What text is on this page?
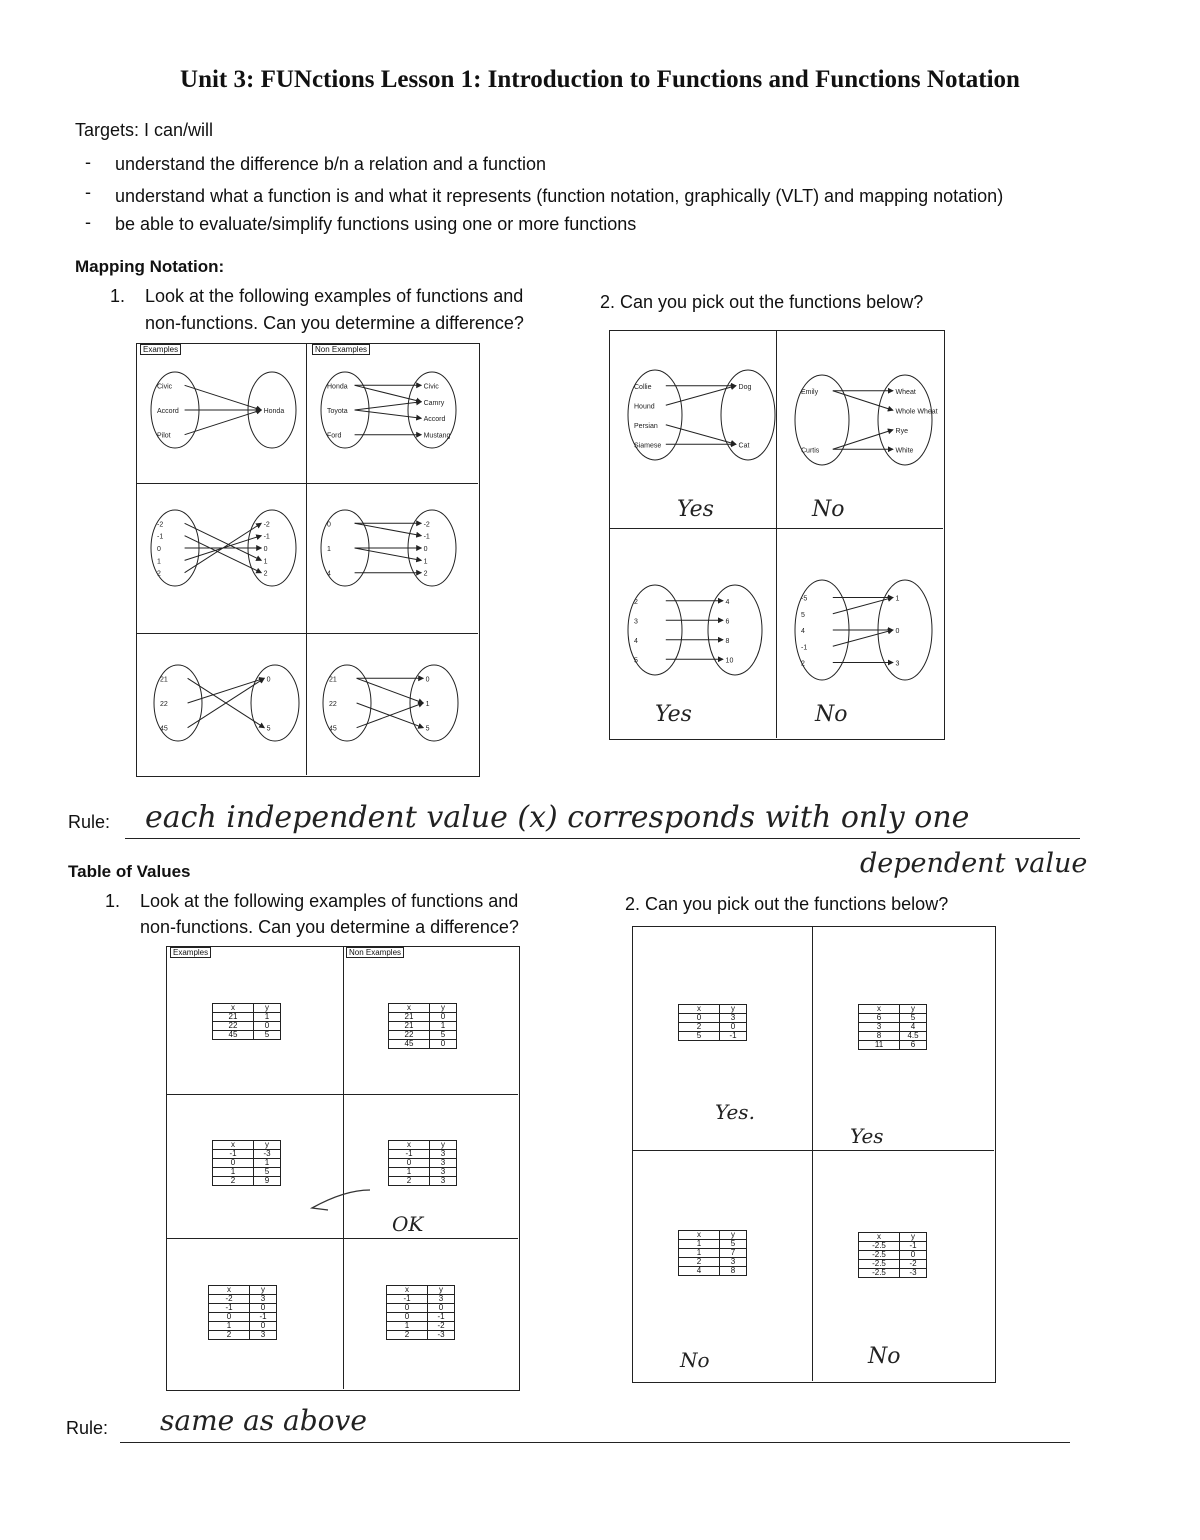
Unit 3: FUNctions Lesson 1: Introduction to Functions and Functions Notation
Targets: I can/will
- understand the difference b/n a relation and a function
- understand what a function is and what it represents (function notation, graphically (VLT) and mapping notation)
- be able to evaluate/simplify functions using one or more functions
Mapping Notation:
1. Look at the following examples of functions and
non-functions. Can you determine a difference?
2. Can you pick out the functions below?
Examples	Non Examples
Civic
Accord
Pilot
Honda
Honda
Toyota
Ford
Civic
Camry
Accord
Mustang
-2
-1
0
1
2
-2
-1
0
1
2
0
1
4
-2
-1
0
1
2
21
22
45
0
5
21
22
45
0
1
5
Collie
Hound
Persian
Siamese
Dog
Cat
Emily
Curtis
Wheat
Whole Wheat
Rye
White
2
3
4
5
4
6
8
10
-5
5
4
-1
2
1
0
3
Yes	No
Yes	No
Rule: each independent value (x) corresponds with only one
dependent value
Table of Values
1. Look at the following examples of functions and
non-functions. Can you determine a difference?
2. Can you pick out the functions below?
Examples	Non Examples
x	y
21	1
22	0
45	5
x	y
21	0
21	1
22	5
45	0
x	y
-1	-3
0	1
1	5
2	9
x	y
-1	3
0	3
1	3
2	3
x	y
-2	3
-1	0
0	-1
1	0
2	3
x	y
-1	3
0	0
0	-1
1	-2
2	-3
OK
x	y
0	3
2	0
5	-1
x	y
6	5
3	4
8	4.5
11	6
x	y
1	5
1	7
2	3
4	8
x	y
-2.5	-1
-2.5	0
-2.5	-2
-2.5	-3
Yes.
Yes
No	No
Rule: same as above
